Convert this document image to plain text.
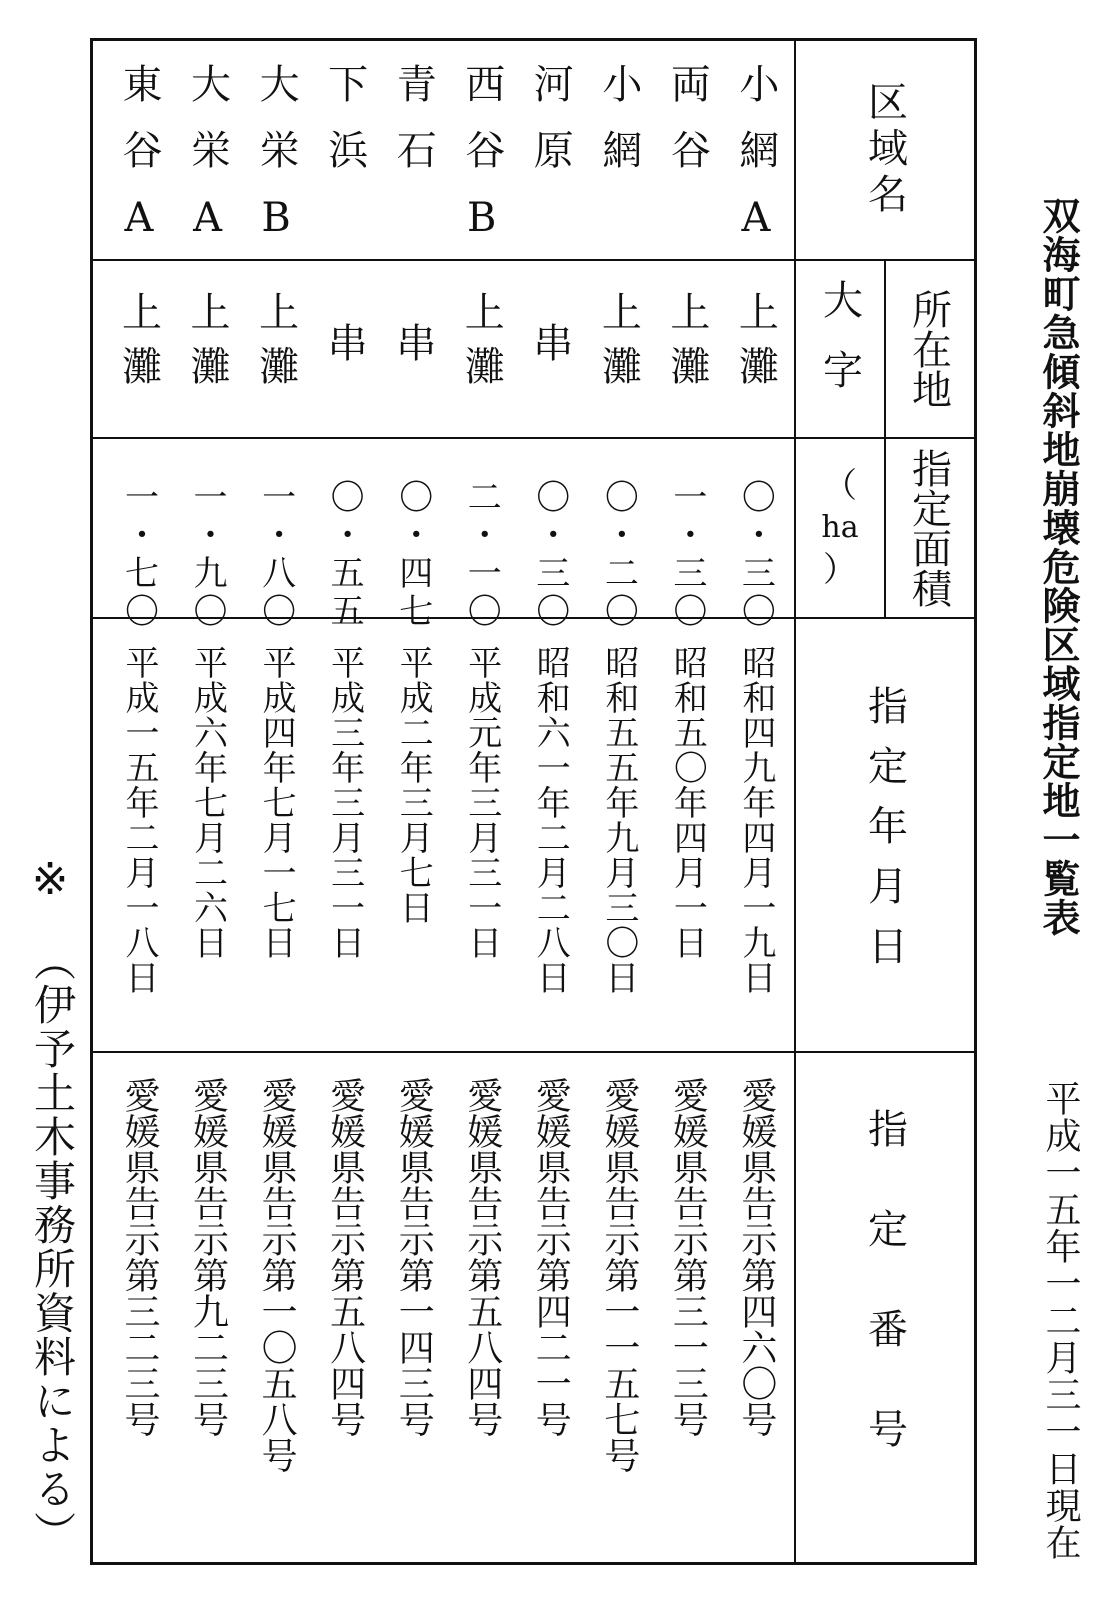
双海町急傾斜地崩壊危険区域指定地一覧表
平成一五年一二月三一日現在
※
（伊予土木事務所資料による）
区域名
小網A
両谷
小網
河原
西谷B
青石
下浜
大栄B
大栄A
東谷A
所在地
大字
上灘
上灘
上灘
串
上灘
串
串
上灘
上灘
上灘
指定面積
（
ha
）
〇・三〇
一・三〇
〇・二〇
〇・三〇
二・一〇
〇・四七
〇・五五
一・八〇
一・九〇
一・七〇
指定年月日
昭和四九年四月一九日
昭和五〇年四月一日
昭和五五年九月三〇日
昭和六一年二月二八日
平成元年三月三一日
平成二年三月七日
平成三年三月三一日
平成四年七月一七日
平成六年七月二六日
平成一五年二月一八日
指定番号
愛媛県告示第四六〇号
愛媛県告示第三一三号
愛媛県告示第一一五七号
愛媛県告示第四二一号
愛媛県告示第五八四号
愛媛県告示第一四三号
愛媛県告示第五八四号
愛媛県告示第一〇五八号
愛媛県告示第九二三号
愛媛県告示第三二三号
